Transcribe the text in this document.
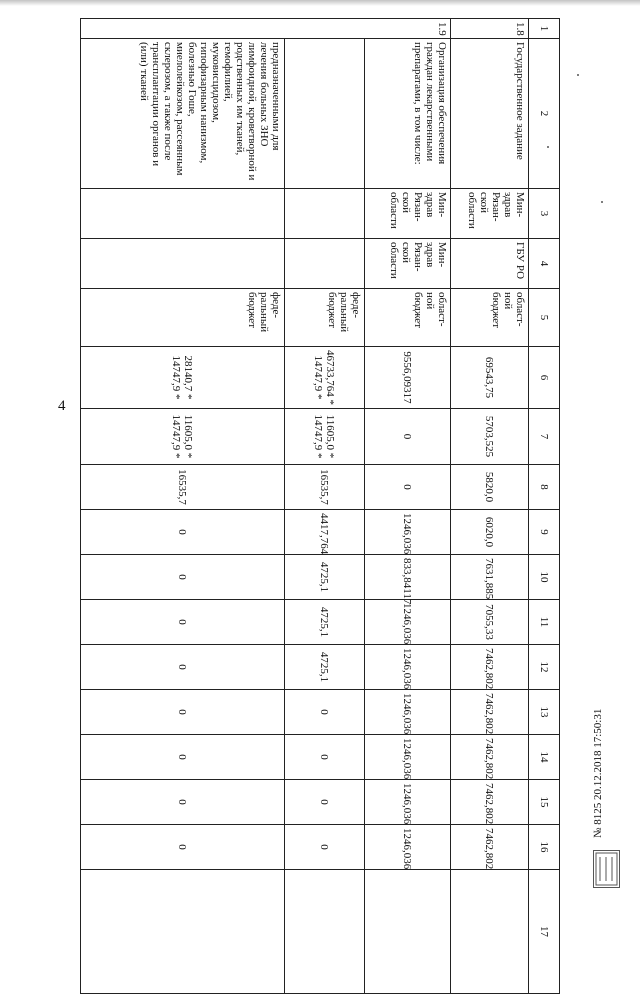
4
1	2	3	4	5	6	7	8	9	10	11	12	13	14	15	16	17
1.8	Государственное задание	Мин-здрав Рязан-ской области	ГБУ РО	област-ной бюджет	69543,75	5703,525	5820,0	6020,0	7631,885	7055,33	7462,802	7462,802	7462,802	7462,802	7462,802	
1.9	Организация обеспечения граждан лекарственными препаратами, в том числе:	Мин-здрав Рязан-ской области	Мин-здрав Рязан-ской области	област-ной бюджет	9556,09317	0	0	1246,036	833,84117	1246,036	1246,036	1246,036	1246,036	1246,036	1246,036	
				феде-ральный бюджет	46733,764 * 14747,9 *	11605,0 * 14747,9 *	16535,7	4417,764	4725,1	4725,1	4725,1	0	0	0	0	
	предназначенными для лечения больных ЗНО лимфоидной, кроветворной и родственных им тканей, гемофилией, муковисцидозом, гипофизарным нанизмом, болезнью Гоше, миелолейкозом, рассеянным склерозом, а также после трансплантации органов и (или) тканей			феде-ральный бюджет	28140,7 * 14747,9 *	11605,0 * 14747,9 *	16535,7	0	0	0	0	0	0	0	0	
№ 8125 20.12.2018 17:50:31
